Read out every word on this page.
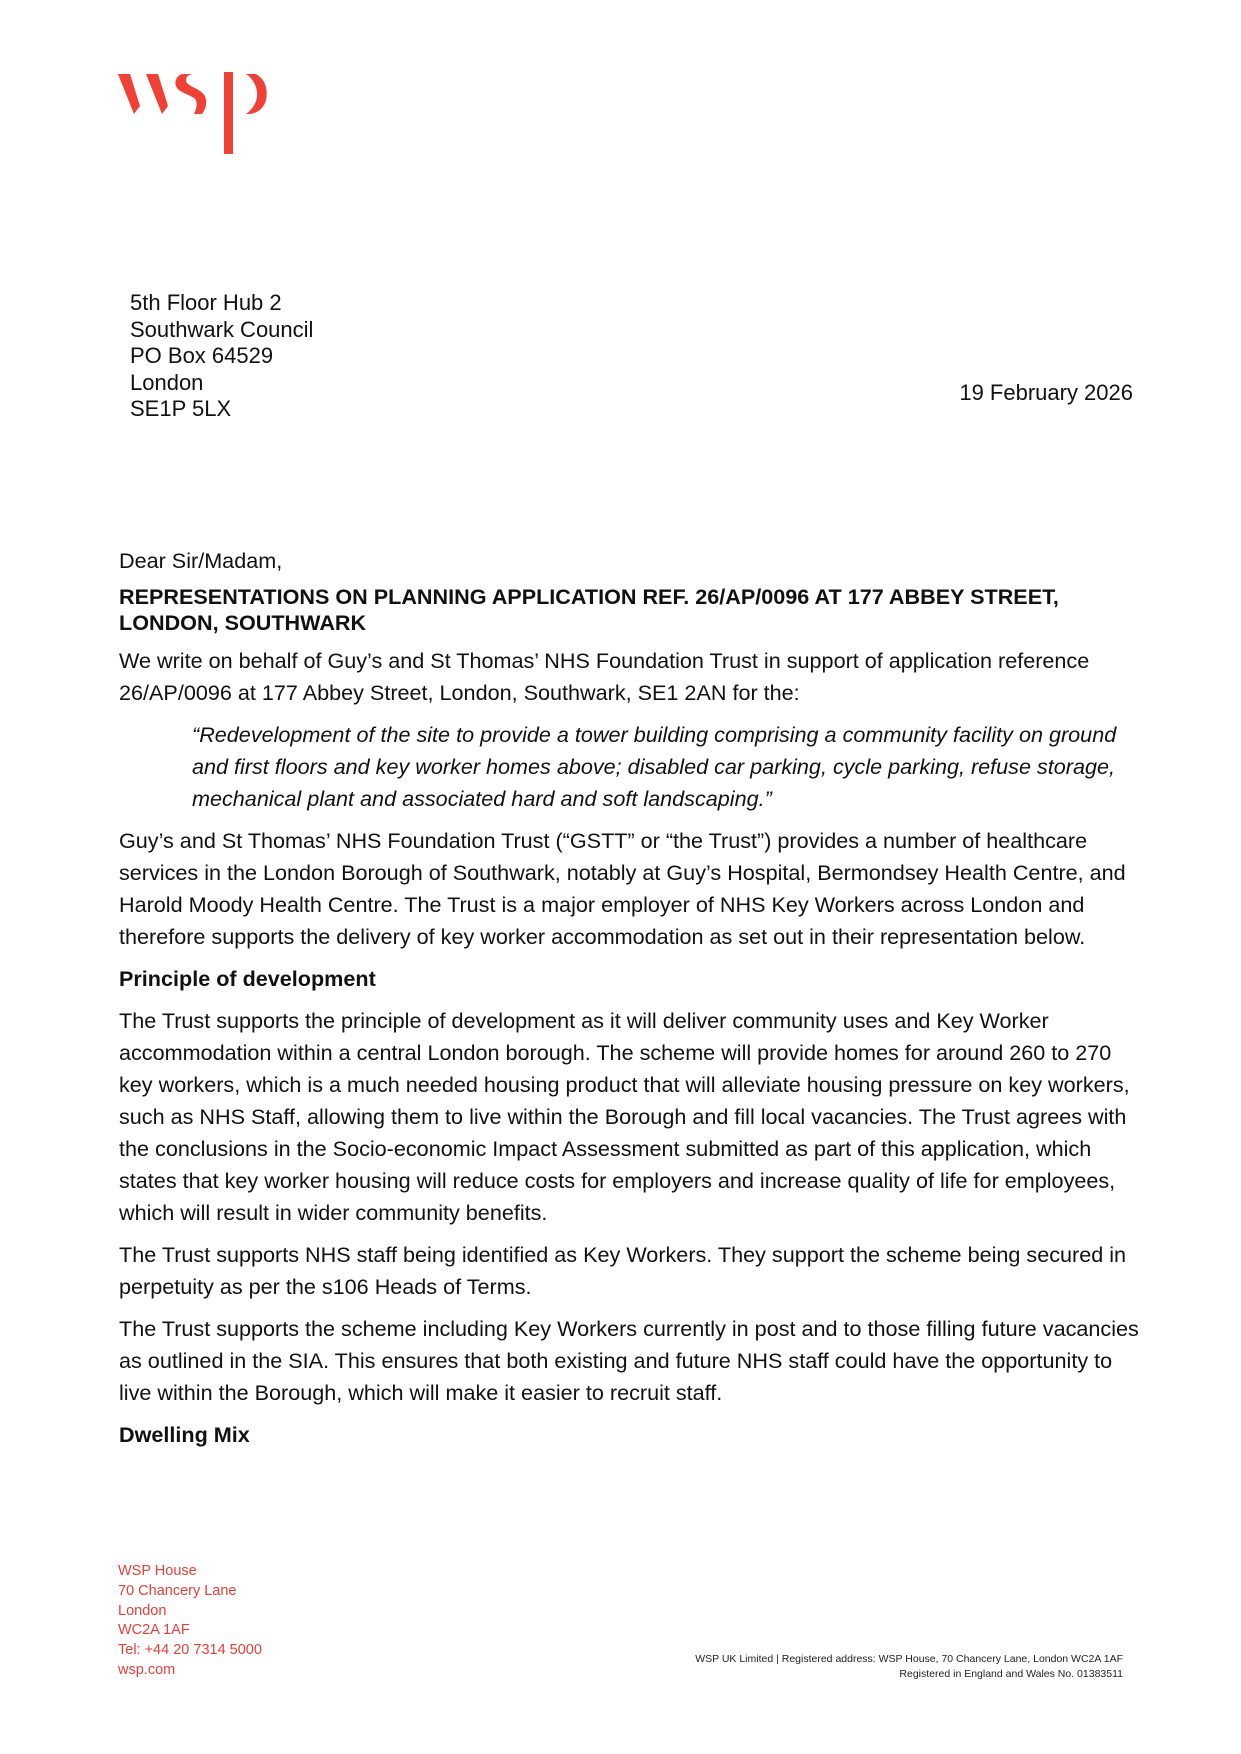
5th Floor Hub 2
Southwark Council
PO Box 64529
London
SE1P 5LX
19 February 2026

Dear Sir/Madam,

REPRESENTATIONS ON PLANNING APPLICATION REF. 26/AP/0096 AT 177 ABBEY STREET, LONDON, SOUTHWARK

We write on behalf of Guy’s and St Thomas’ NHS Foundation Trust in support of application reference 26/AP/0096 at 177 Abbey Street, London, Southwark, SE1 2AN for the:

“Redevelopment of the site to provide a tower building comprising a community facility on ground and first floors and key worker homes above; disabled car parking, cycle parking, refuse storage, mechanical plant and associated hard and soft landscaping.”

Guy’s and St Thomas’ NHS Foundation Trust (“GSTT” or “the Trust”) provides a number of healthcare services in the London Borough of Southwark, notably at Guy’s Hospital, Bermondsey Health Centre, and Harold Moody Health Centre. The Trust is a major employer of NHS Key Workers across London and therefore supports the delivery of key worker accommodation as set out in their representation below.

Principle of development

The Trust supports the principle of development as it will deliver community uses and Key Worker accommodation within a central London borough. The scheme will provide homes for around 260 to 270 key workers, which is a much needed housing product that will alleviate housing pressure on key workers, such as NHS Staff, allowing them to live within the Borough and fill local vacancies. The Trust agrees with the conclusions in the Socio-economic Impact Assessment submitted as part of this application, which states that key worker housing will reduce costs for employers and increase quality of life for employees, which will result in wider community benefits.

The Trust supports NHS staff being identified as Key Workers. They support the scheme being secured in perpetuity as per the s106 Heads of Terms.

The Trust supports the scheme including Key Workers currently in post and to those filling future vacancies as outlined in the SIA. This ensures that both existing and future NHS staff could have the opportunity to live within the Borough, which will make it easier to recruit staff.

Dwelling Mix

WSP House
70 Chancery Lane
London
WC2A 1AF
Tel: +44 20 7314 5000
wsp.com
WSP UK Limited | Registered address: WSP House, 70 Chancery Lane, London WC2A 1AF
Registered in England and Wales No. 01383511
